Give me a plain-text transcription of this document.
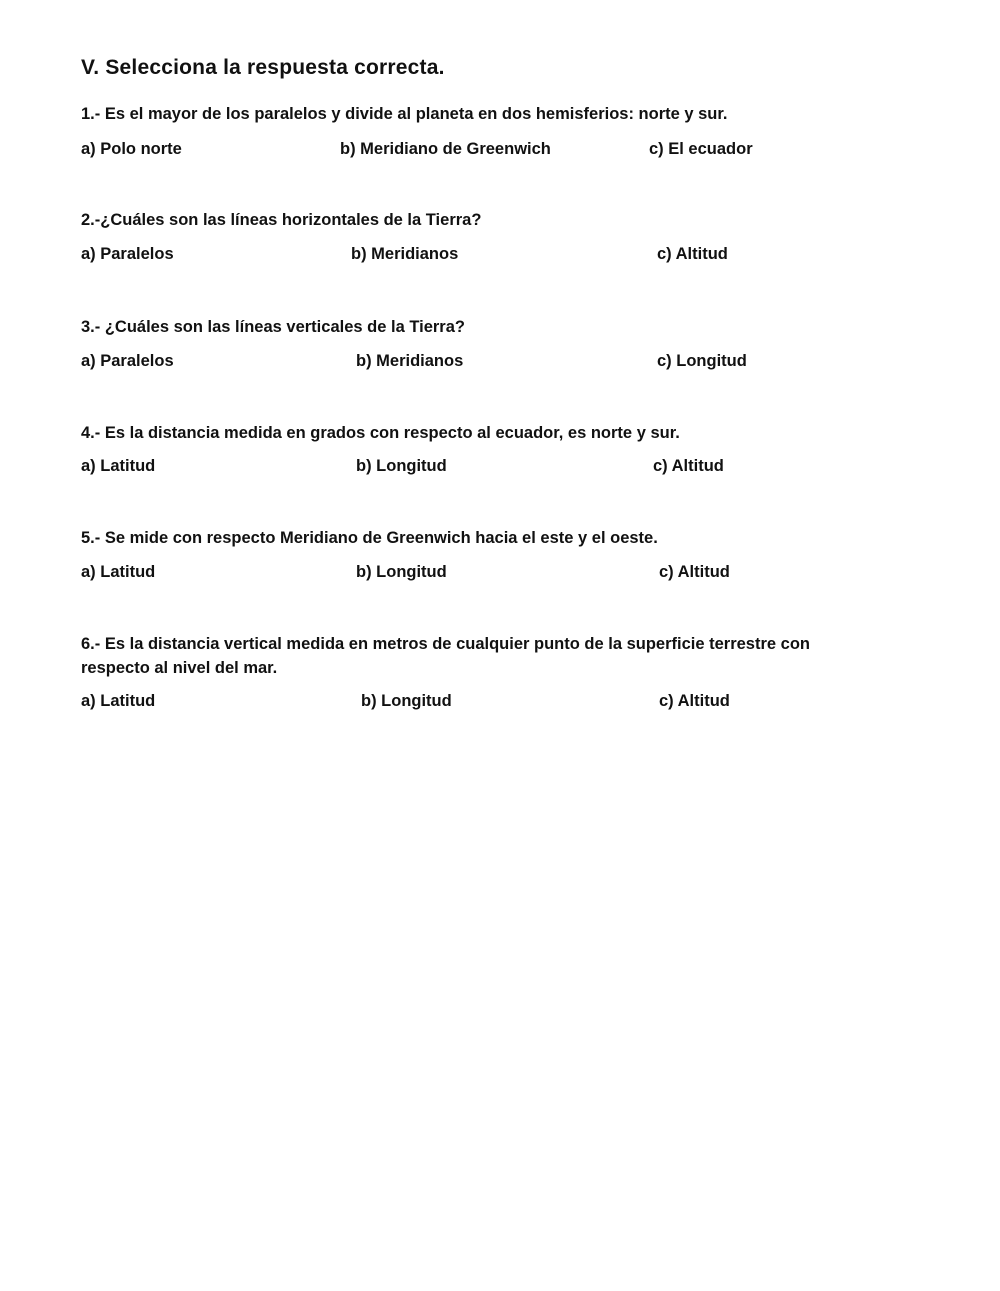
V. Selecciona la respuesta correcta.
1.- Es el mayor de los paralelos y divide al planeta en dos hemisferios: norte y sur.
a) Polo norte	b) Meridiano de Greenwich	c) El ecuador
2.-¿Cuáles son las líneas horizontales de la Tierra?
a) Paralelos	b) Meridianos	c) Altitud
3.- ¿Cuáles son las líneas verticales de la Tierra?
a) Paralelos	b) Meridianos	c) Longitud
4.- Es la distancia medida en grados con respecto al ecuador, es norte y sur.
a) Latitud	b) Longitud	c) Altitud
5.- Se mide con respecto Meridiano de Greenwich hacia el este y el oeste.
a) Latitud	b) Longitud	c) Altitud
6.- Es la distancia vertical medida en metros de cualquier punto de la superficie terrestre con respecto al nivel del mar.
a) Latitud	b) Longitud	c) Altitud
